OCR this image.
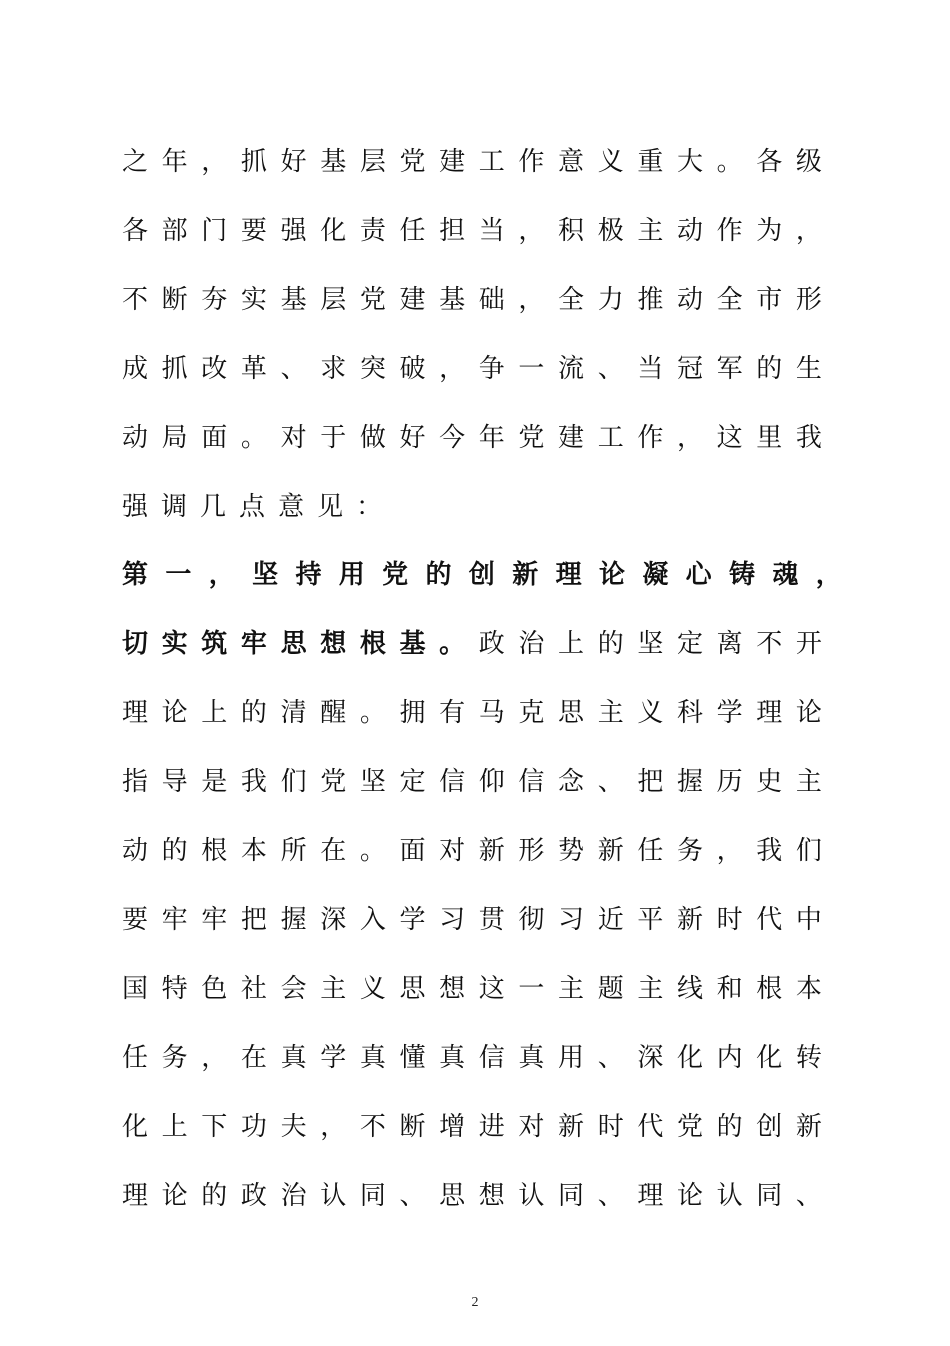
之 年 ， 抓 好 基 层 党 建 工 作 意 义 重 大 。 各 级
各 部 门 要 强 化 责 任 担 当 ， 积 极 主 动 作 为 ，
不 断 夯 实 基 层 党 建 基 础 ， 全 力 推 动 全 市 形
成 抓 改 革 、 求 突 破 ， 争 一 流 、 当 冠 军 的 生
动 局 面 。 对 于 做 好 今 年 党 建 工 作 ， 这 里 我
强 调 几 点 意 见 ：
第 一 ， 坚 持 用 党 的 创 新 理 论 凝 心 铸 魂 ，
切 实 筑 牢 思 想 根 基 。 政 治 上 的 坚 定 离 不 开
理 论 上 的 清 醒 。 拥 有 马 克 思 主 义 科 学 理 论
指 导 是 我 们 党 坚 定 信 仰 信 念 、 把 握 历 史 主
动 的 根 本 所 在 。 面 对 新 形 势 新 任 务 ， 我 们
要 牢 牢 把 握 深 入 学 习 贯 彻 习 近 平 新 时 代 中
国 特 色 社 会 主 义 思 想 这 一 主 题 主 线 和 根 本
任 务 ， 在 真 学 真 懂 真 信 真 用 、 深 化 内 化 转
化 上 下 功 夫 ， 不 断 增 进 对 新 时 代 党 的 创 新
理 论 的 政 治 认 同 、 思 想 认 同 、 理 论 认 同 、
2
